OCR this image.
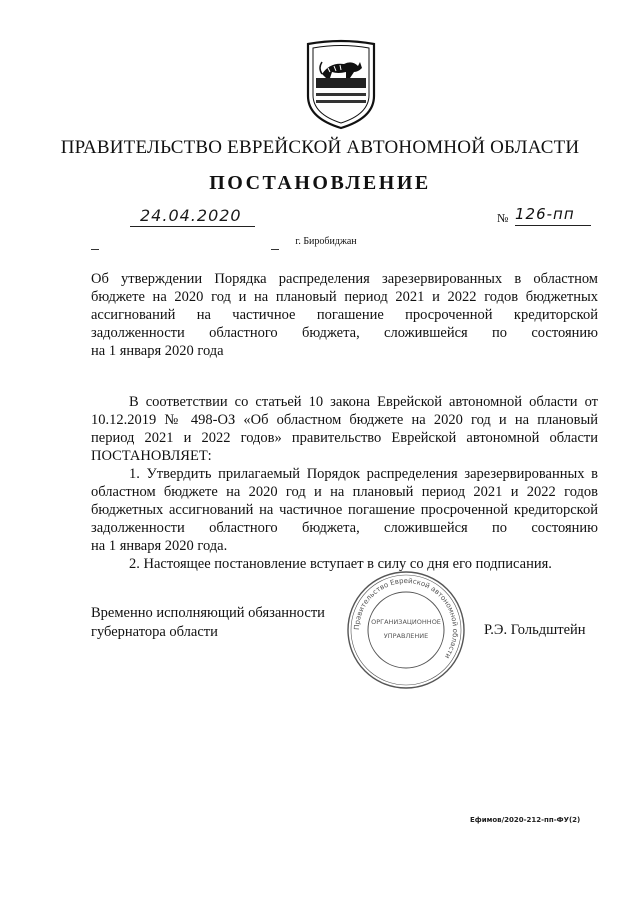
ПРАВИТЕЛЬСТВО ЕВРЕЙСКОЙ АВТОНОМНОЙ ОБЛАСТИ
ПОСТАНОВЛЕНИЕ
24.04.2020	№ 126-пп
г. Биробиджан
Об утверждении Порядка распределения зарезервированных в областном
бюджете на 2020 год и на плановый период 2021 и 2022 годов бюджетных
ассигнований на частичное погашение просроченной кредиторской
задолженности областного бюджета, сложившейся по состоянию
на 1 января 2020 года
В соответствии со статьей 10 закона Еврейской автономной области от
10.12.2019 № 498-ОЗ «Об областном бюджете на 2020 год и на плановый
период 2021 и 2022 годов» правительство Еврейской автономной области
ПОСТАНОВЛЯЕТ:
1. Утвердить прилагаемый Порядок распределения зарезервированных в
областном бюджете на 2020 год и на плановый период 2021 и 2022 годов
бюджетных ассигнований на частичное погашение просроченной кредиторской
задолженности областного бюджета, сложившейся по состоянию
на 1 января 2020 года.
2. Настоящее постановление вступает в силу со дня его подписания.
Временно исполняющий обязанности
губернатора области	Правительство Еврейской автономной области
ОРГАНИЗАЦИОННОЕ
УПРАВЛЕНИЕ	Р.Э. Гольдштейн
Ефимов/2020-212-пп-ФУ(2)
